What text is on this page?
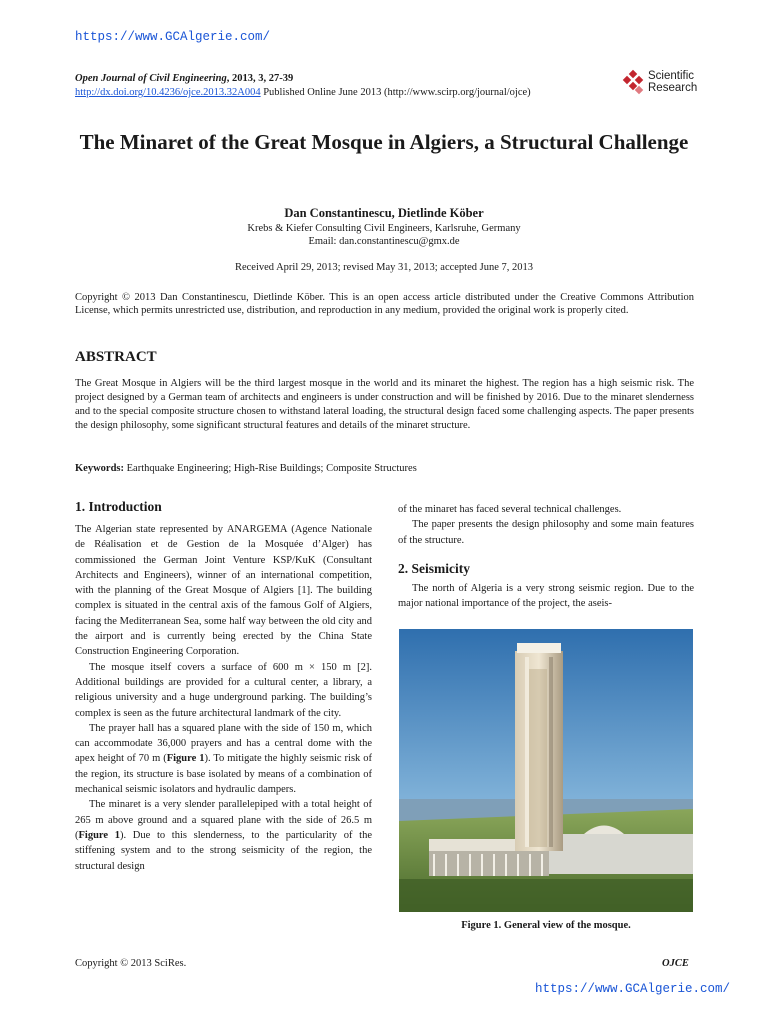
https://www.GCAlgerie.com/
Open Journal of Civil Engineering, 2013, 3, 27-39
http://dx.doi.org/10.4236/ojce.2013.32A004 Published Online June 2013 (http://www.scirp.org/journal/ojce)
Scientific
Research
The Minaret of the Great Mosque in Algiers, a Structural Challenge
Dan Constantinescu, Dietlinde Köber
Krebs & Kiefer Consulting Civil Engineers, Karlsruhe, Germany
Email: dan.constantinescu@gmx.de
Received April 29, 2013; revised May 31, 2013; accepted June 7, 2013
Copyright © 2013 Dan Constantinescu, Dietlinde Köber. This is an open access article distributed under the Creative Commons Attribution License, which permits unrestricted use, distribution, and reproduction in any medium, provided the original work is properly cited.
ABSTRACT
The Great Mosque in Algiers will be the third largest mosque in the world and its minaret the highest. The region has a high seismic risk. The project designed by a German team of architects and engineers is under construction and will be finished by 2016. Due to the minaret slenderness and to the special composite structure chosen to withstand lateral loading, the structural design faced some challenging aspects. The paper presents the design philosophy, some significant structural features and details of the minaret structure.
Keywords: Earthquake Engineering; High-Rise Buildings; Composite Structures
1. Introduction

The Algerian state represented by ANARGEMA (Agence Nationale de Réalisation et de Gestion de la Mosquée d’Alger) has commissioned the German Joint Venture KSP/KuK (Consultant Architects and Engineers), winner of an international competition, with the planning of the Great Mosque of Algiers [1]. The building complex is situated in the central axis of the famous Golf of Algiers, facing the Mediterranean Sea, some half way between the old city and the airport and is currently being erected by the China State Construction Engineering Corporation.

The mosque itself covers a surface of 600 m × 150 m [2]. Additional buildings are provided for a cultural center, a library, a religious university and a huge underground parking. The building’s complex is seen as the future architectural landmark of the city.

The prayer hall has a squared plane with the side of 150 m, which can accommodate 36,000 prayers and has a central dome with the apex height of 70 m (Figure 1). To mitigate the highly seismic risk of the region, its structure is base isolated by means of a combination of mechanical seismic isolators and hydraulic dampers.

The minaret is a very slender parallelepiped with a total height of 265 m above ground and a squared plane with the side of 26.5 m (Figure 1). Due to this slenderness, to the particularity of the stiffening system and to the strong seismicity of the region, the structural design

of the minaret has faced several technical challenges.

The paper presents the design philosophy and some main features of the structure.

2. Seismicity

The north of Algeria is a very strong seismic region. Due to the major national importance of the project, the aseis-

Figure 1. General view of the mosque.
Copyright © 2013 SciRes.	OJCE
https://www.GCAlgerie.com/
